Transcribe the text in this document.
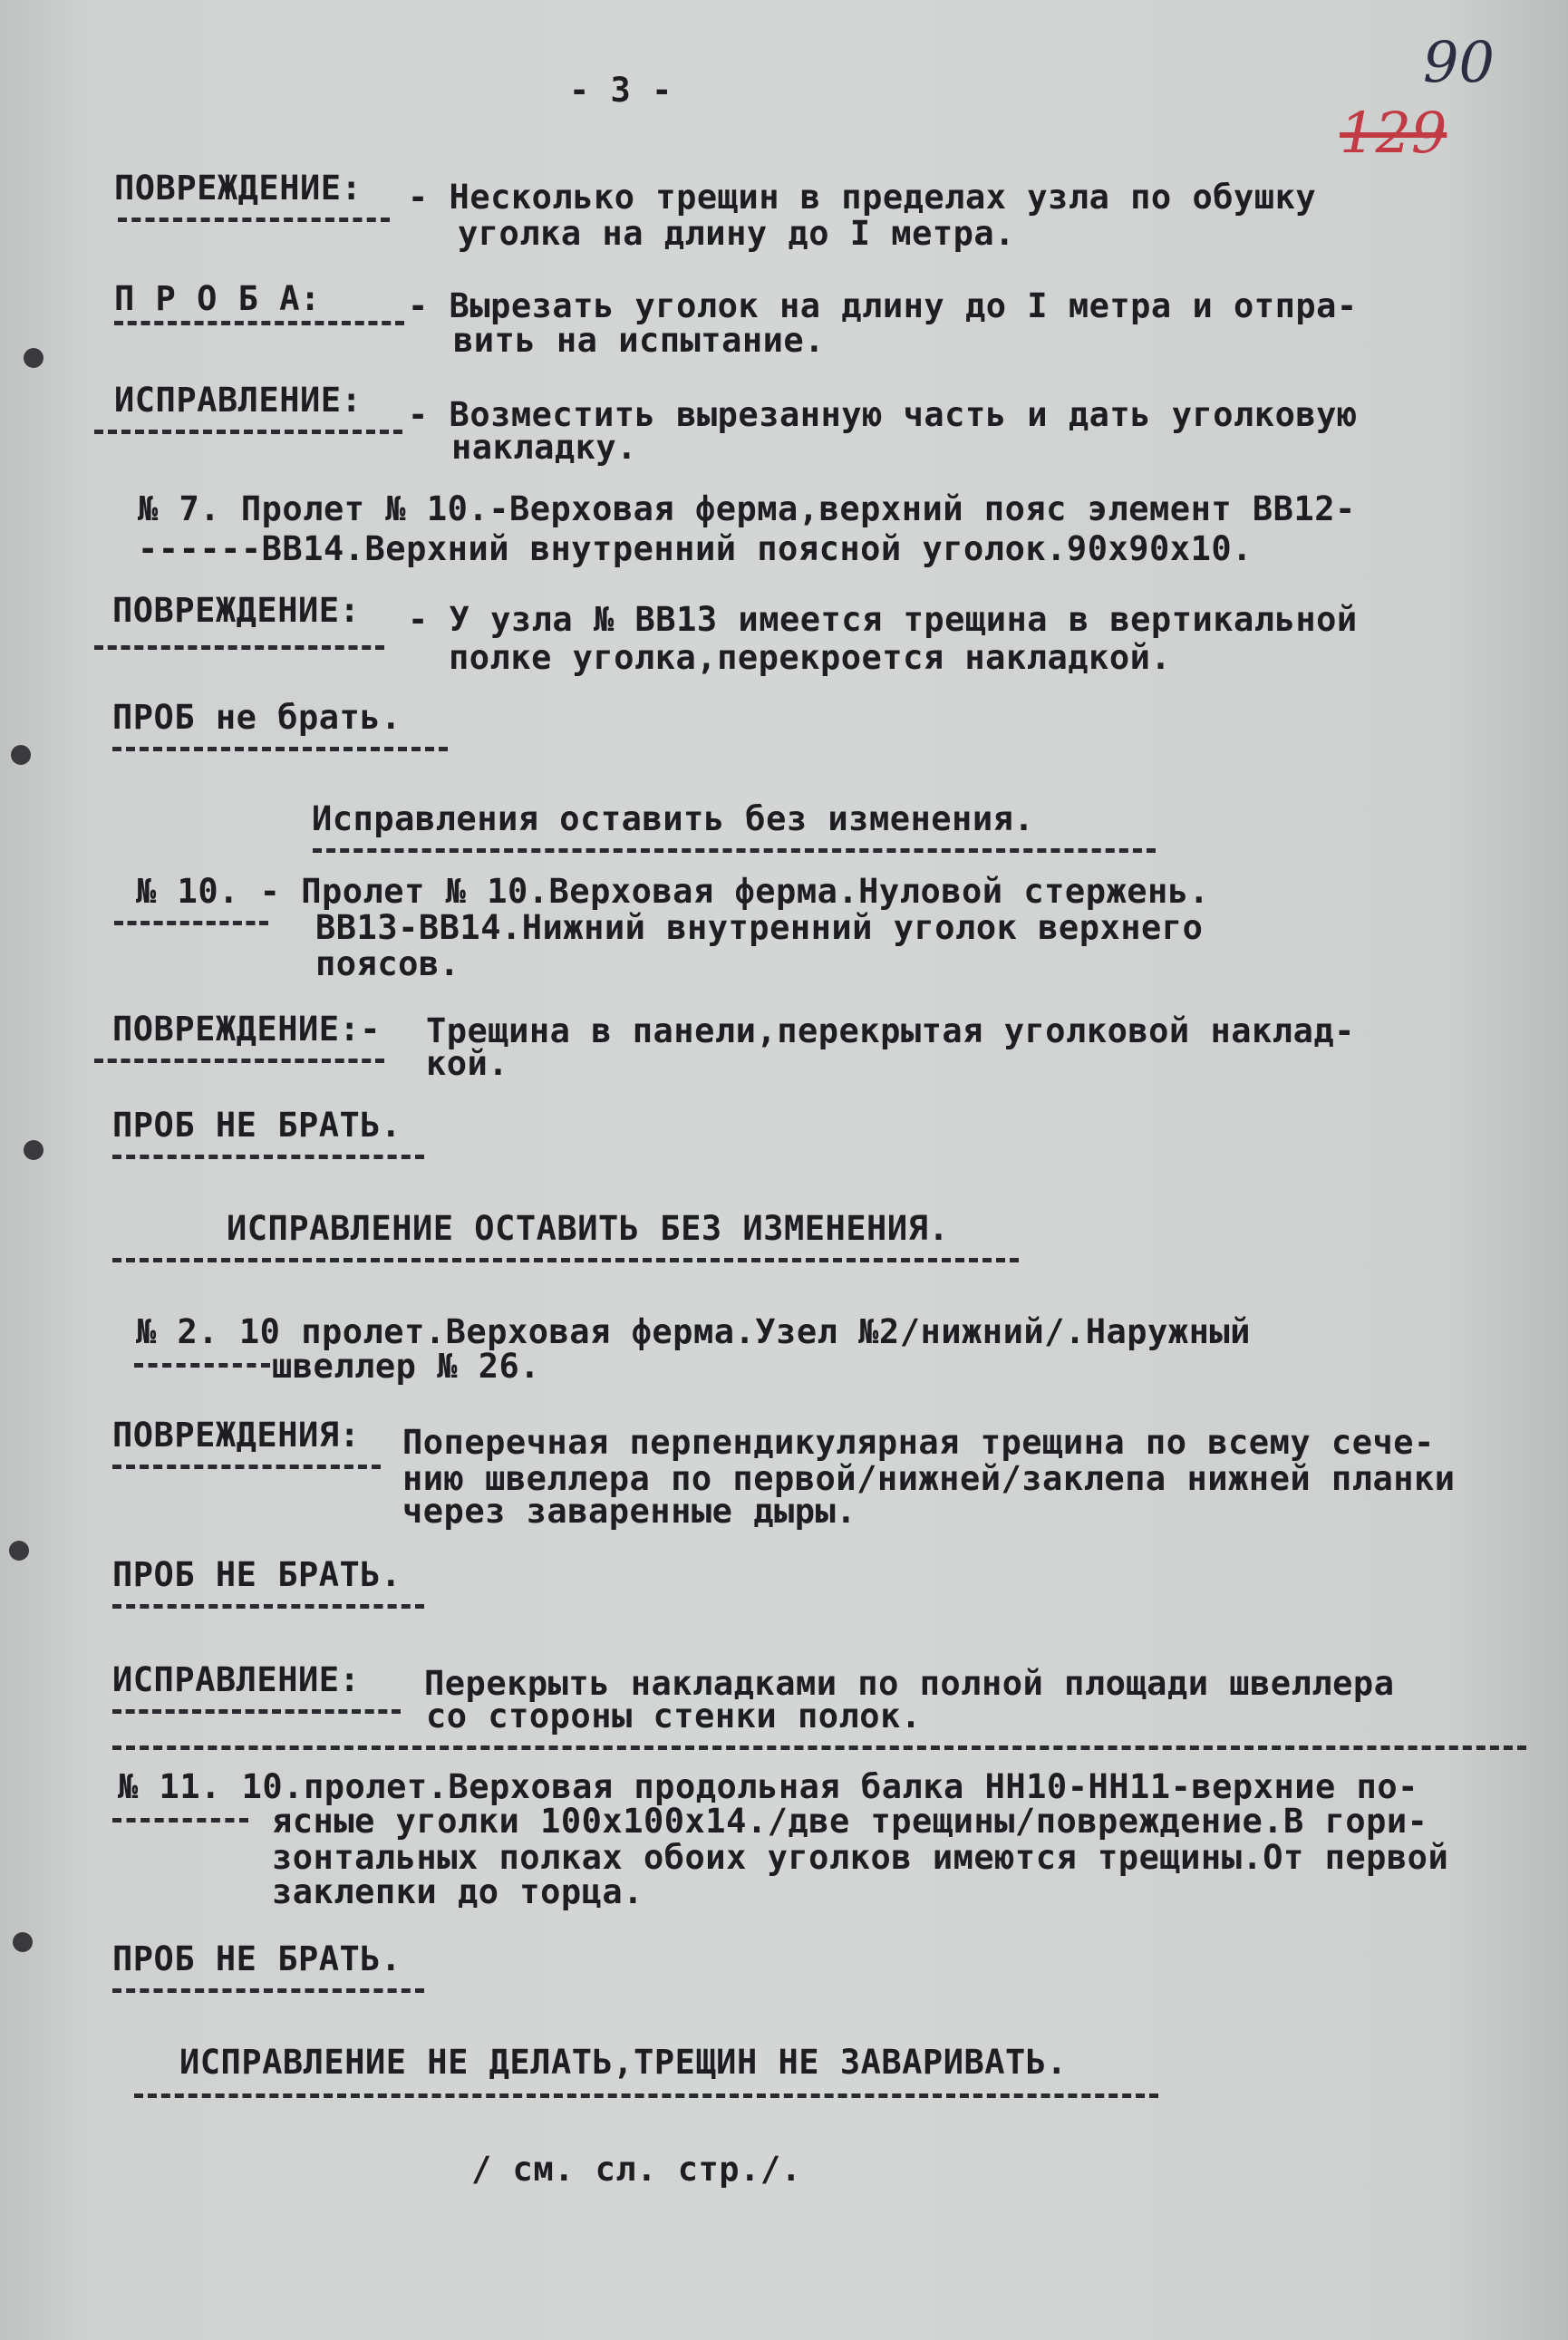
- 3 -	90
129

ПОВРЕЖДЕНИЕ: - Несколько трещин в пределах узла по обушку

уголка на длину до I метра.

П Р О Б А:	- Вырезать уголок на длину до I метра и отпра-

вить на испытание.

ИСПРАВЛЕНИЕ: - Возместить вырезанную часть и дать уголковую

накладку.

№ 7. Пролет № 10.-Верховая ферма,верхний пояс элемент ВВ12-

------ВВ14.Верхний внутренний поясной уголок.90х90х10.

ПОВРЕЖДЕНИЕ: - У узла № ВВ13 имеется трещина в вертикальной

полке уголка,перекроется накладкой.

ПРОБ не брать.

Исправления оставить без изменения.

№ 10. - Пролет № 10.Верховая ферма.Нуловой стержень.

ВВ13-ВВ14.Нижний внутренний уголок верхнего

поясов.

ПОВРЕЖДЕНИЕ:- Трещина в панели,перекрытая уголковой наклад-

кой.

ПРОБ НЕ БРАТЬ.

ИСПРАВЛЕНИЕ ОСТАВИТЬ БЕЗ ИЗМЕНЕНИЯ.

№ 2. 10 пролет.Верховая ферма.Узел №2/нижний/.Наружный

швеллер № 26.

ПОВРЕЖДЕНИЯ: Поперечная перпендикулярная трещина по всему сече-

нию швеллера по первой/нижней/заклепа нижней планки

через заваренные дыры.

ПРОБ НЕ БРАТЬ.

ИСПРАВЛЕНИЕ: Перекрыть накладками по полной площади швеллера

со стороны стенки полок.

№ 11. 10.пролет.Верховая продольная балка НН10-НН11-верхние по-

ясные уголки 100х100х14./две трещины/повреждение.В гори-

зонтальных полках обоих уголков имеются трещины.От первой

заклепки до торца.

ПРОБ НЕ БРАТЬ.

ИСПРАВЛЕНИЕ НЕ ДЕЛАТЬ,ТРЕЩИН НЕ ЗАВАРИВАТЬ.

/ см. сл. стр./.
